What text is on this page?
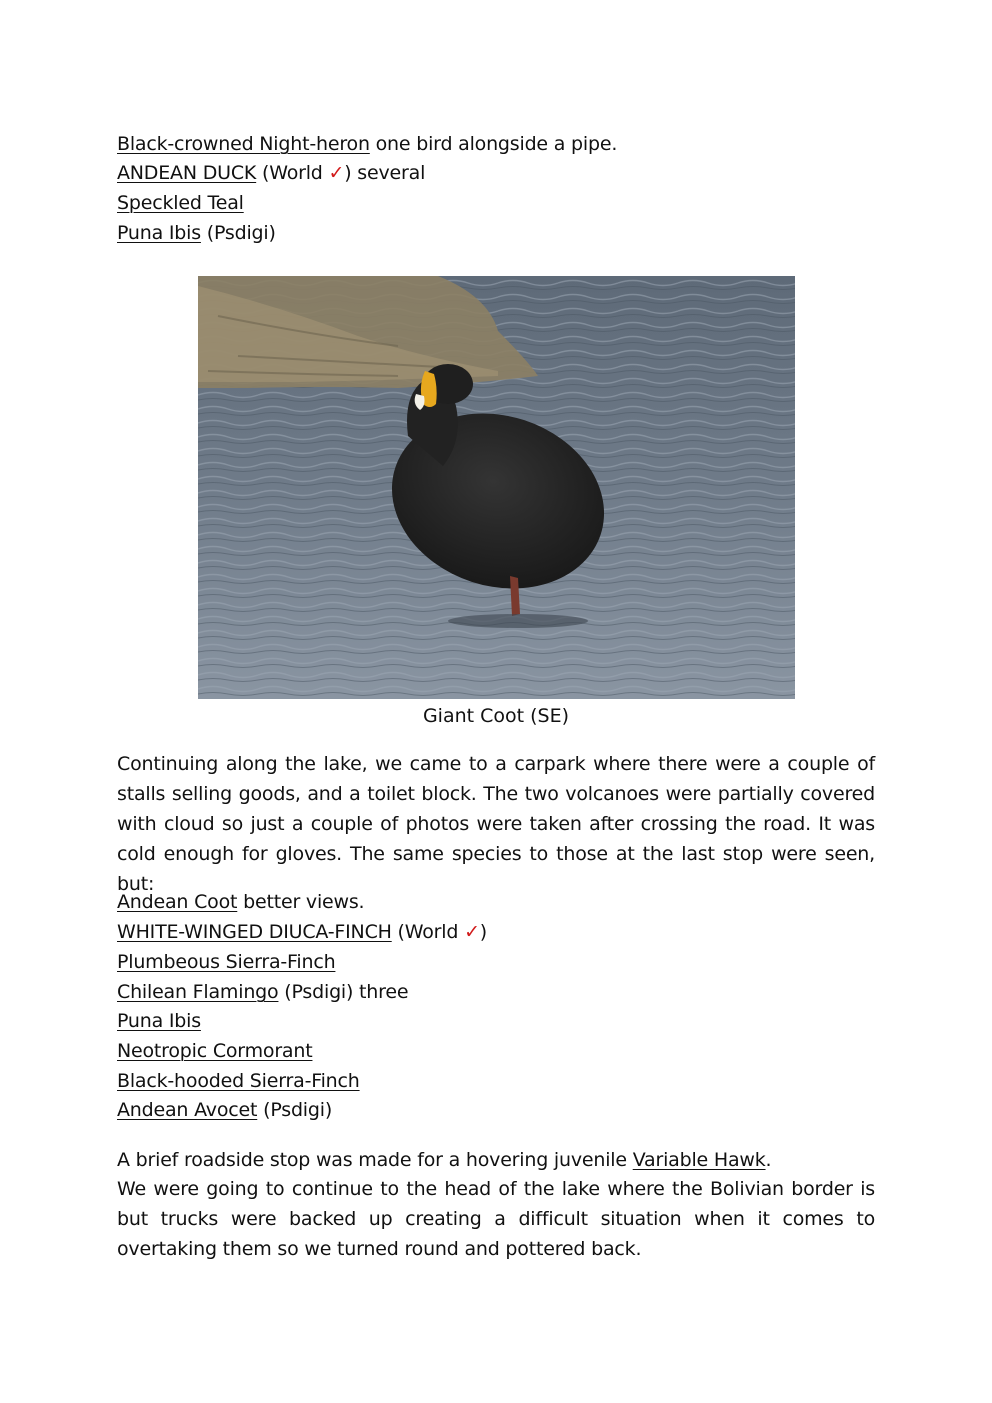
Black-crowned Night-heron one bird alongside a pipe.
ANDEAN DUCK (World ✓) several
Speckled Teal
Puna Ibis (Psdigi)
Giant Coot (SE)
Continuing along the lake, we came to a carpark where there were a couple of stalls selling goods, and a toilet block. The two volcanoes were partially covered with cloud so just a couple of photos were taken after crossing the road. It was cold enough for gloves. The same species to those at the last stop were seen, but:
Andean Coot better views.
WHITE-WINGED DIUCA-FINCH (World ✓)
Plumbeous Sierra-Finch
Chilean Flamingo (Psdigi) three
Puna Ibis
Neotropic Cormorant
Black-hooded Sierra-Finch
Andean Avocet (Psdigi)
A brief roadside stop was made for a hovering juvenile Variable Hawk.
We were going to continue to the head of the lake where the Bolivian border is but trucks were backed up creating a difficult situation when it comes to overtaking them so we turned round and pottered back.
